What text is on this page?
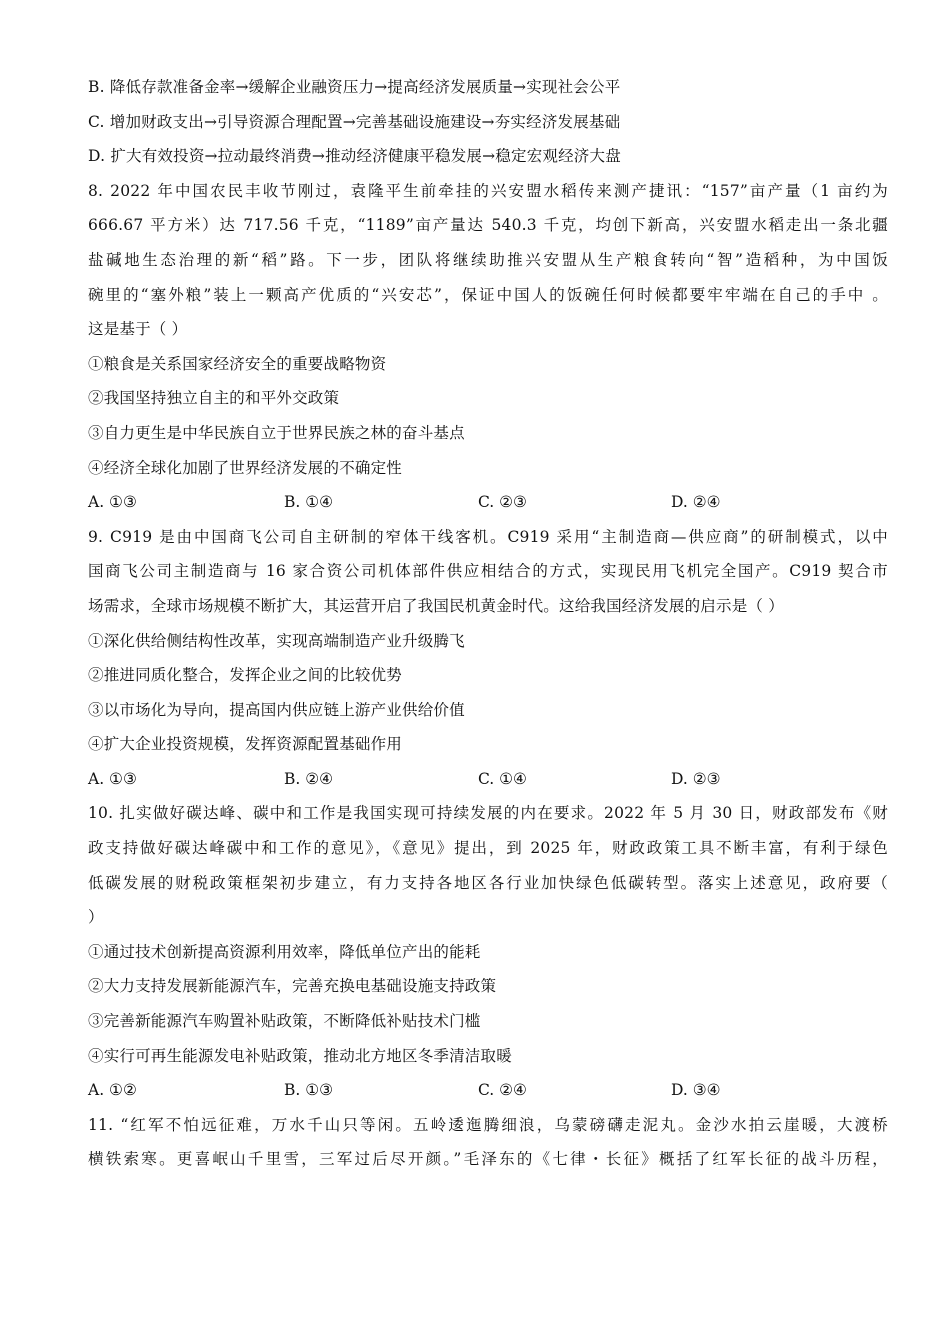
B. 降低存款准备金率→缓解企业融资压力→提高经济发展质量→实现社会公平
C. 增加财政支出→引导资源合理配置→完善基础设施建设→夯实经济发展基础
D. 扩大有效投资→拉动最终消费→推动经济健康平稳发展→稳定宏观经济大盘
8. 2022 年中国农民丰收节刚过，袁隆平生前牵挂的兴安盟水稻传来测产捷讯：“157”亩产量（1 亩约为
666.67 平方米）达 717.56 千克，“1189”亩产量达 540.3 千克，均创下新高，兴安盟水稻走出一条北疆
盐碱地生态治理的新“稻”路。下一步，团队将继续助推兴安盟从生产粮食转向“智”造稻种，为中国饭
碗里的“塞外粮”装上一颗高产优质的“兴安芯”，保证中国人的饭碗任何时候都要牢牢端在自己的手中 。
这是基于（ ）
①粮食是关系国家经济安全的重要战略物资
②我国坚持独立自主的和平外交政策
③自力更生是中华民族自立于世界民族之林的奋斗基点
④经济全球化加剧了世界经济发展的不确定性
A. ①③	B. ①④	C. ②③	D. ②④
9. C919 是由中国商飞公司自主研制的窄体干线客机。C919 采用“主制造商—供应商”的研制模式，以中
国商飞公司主制造商与 16 家合资公司机体部件供应相结合的方式，实现民用飞机完全国产。C919 契合市
场需求，全球市场规模不断扩大，其运营开启了我国民机黄金时代。这给我国经济发展的启示是（ ）
①深化供给侧结构性改革，实现高端制造产业升级腾飞
②推进同质化整合，发挥企业之间的比较优势
③以市场化为导向，提高国内供应链上游产业供给价值
④扩大企业投资规模，发挥资源配置基础作用
A. ①③	B. ②④	C. ①④	D. ②③
10. 扎实做好碳达峰、碳中和工作是我国实现可持续发展的内在要求。2022 年 5 月 30 日，财政部发布《财
政支持做好碳达峰碳中和工作的意见》，《意见》提出，到 2025 年，财政政策工具不断丰富，有利于绿色
低碳发展的财税政策框架初步建立，有力支持各地区各行业加快绿色低碳转型。落实上述意见，政府要（
）
①通过技术创新提高资源利用效率，降低单位产出的能耗
②大力支持发展新能源汽车，完善充换电基础设施支持政策
③完善新能源汽车购置补贴政策，不断降低补贴技术门槛
④实行可再生能源发电补贴政策，推动北方地区冬季清洁取暖
A. ①②	B. ①③	C. ②④	D. ③④
11. “红军不怕远征难，万水千山只等闲。五岭逶迤腾细浪，乌蒙磅礴走泥丸。金沙水拍云崖暖，大渡桥
横铁索寒。更喜岷山千里雪，三军过后尽开颜。”毛泽东的《七律・长征》概括了红军长征的战斗历程，
